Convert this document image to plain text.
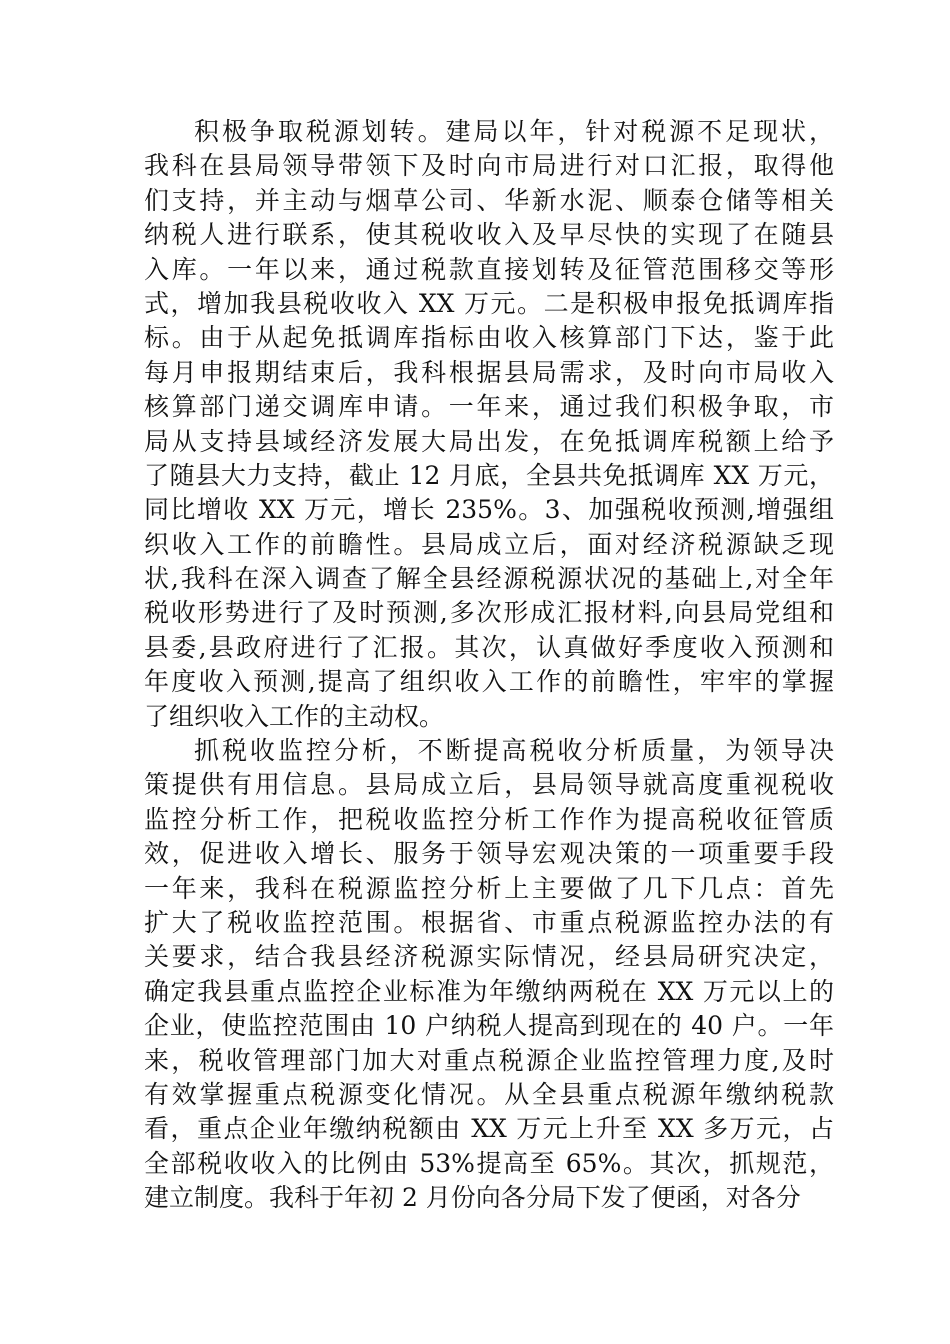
积极争取税源划转。建局以年，针对税源不足现状，
我科在县局领导带领下及时向市局进行对口汇报，取得他
们支持，并主动与烟草公司、华新水泥、顺泰仓储等相关
纳税人进行联系，使其税收收入及早尽快的实现了在随县
入库。一年以来，通过税款直接划转及征管范围移交等形
式，增加我县税收收入 XX 万元。二是积极申报免抵调库指
标。由于从起免抵调库指标由收入核算部门下达，鉴于此
每月申报期结束后，我科根据县局需求，及时向市局收入
核算部门递交调库申请。一年来，通过我们积极争取，市
局从支持县域经济发展大局出发，在免抵调库税额上给予
了随县大力支持，截止 12 月底，全县共免抵调库 XX 万元，
同比增收 XX 万元，增长 235%。3、加强税收预测,增强组
织收入工作的前瞻性。县局成立后，面对经济税源缺乏现
状,我科在深入调查了解全县经源税源状况的基础上,对全年
税收形势进行了及时预测,多次形成汇报材料,向县局党组和
县委,县政府进行了汇报。其次，认真做好季度收入预测和
年度收入预测,提高了组织收入工作的前瞻性，牢牢的掌握
了组织收入工作的主动权。
抓税收监控分析，不断提高税收分析质量，为领导决
策提供有用信息。县局成立后，县局领导就高度重视税收
监控分析工作，把税收监控分析工作作为提高税收征管质
效，促进收入增长、服务于领导宏观决策的一项重要手段
一年来，我科在税源监控分析上主要做了几下几点：首先
扩大了税收监控范围。根据省、市重点税源监控办法的有
关要求，结合我县经济税源实际情况，经县局研究决定，
确定我县重点监控企业标准为年缴纳两税在 XX 万元以上的
企业，使监控范围由 10 户纳税人提高到现在的 40 户。一年
来，税收管理部门加大对重点税源企业监控管理力度,及时
有效掌握重点税源变化情况。从全县重点税源年缴纳税款
看，重点企业年缴纳税额由 XX 万元上升至 XX 多万元，占
全部税收收入的比例由 53%提高至 65%。其次，抓规范，
建立制度。我科于年初 2 月份向各分局下发了便函，对各分
